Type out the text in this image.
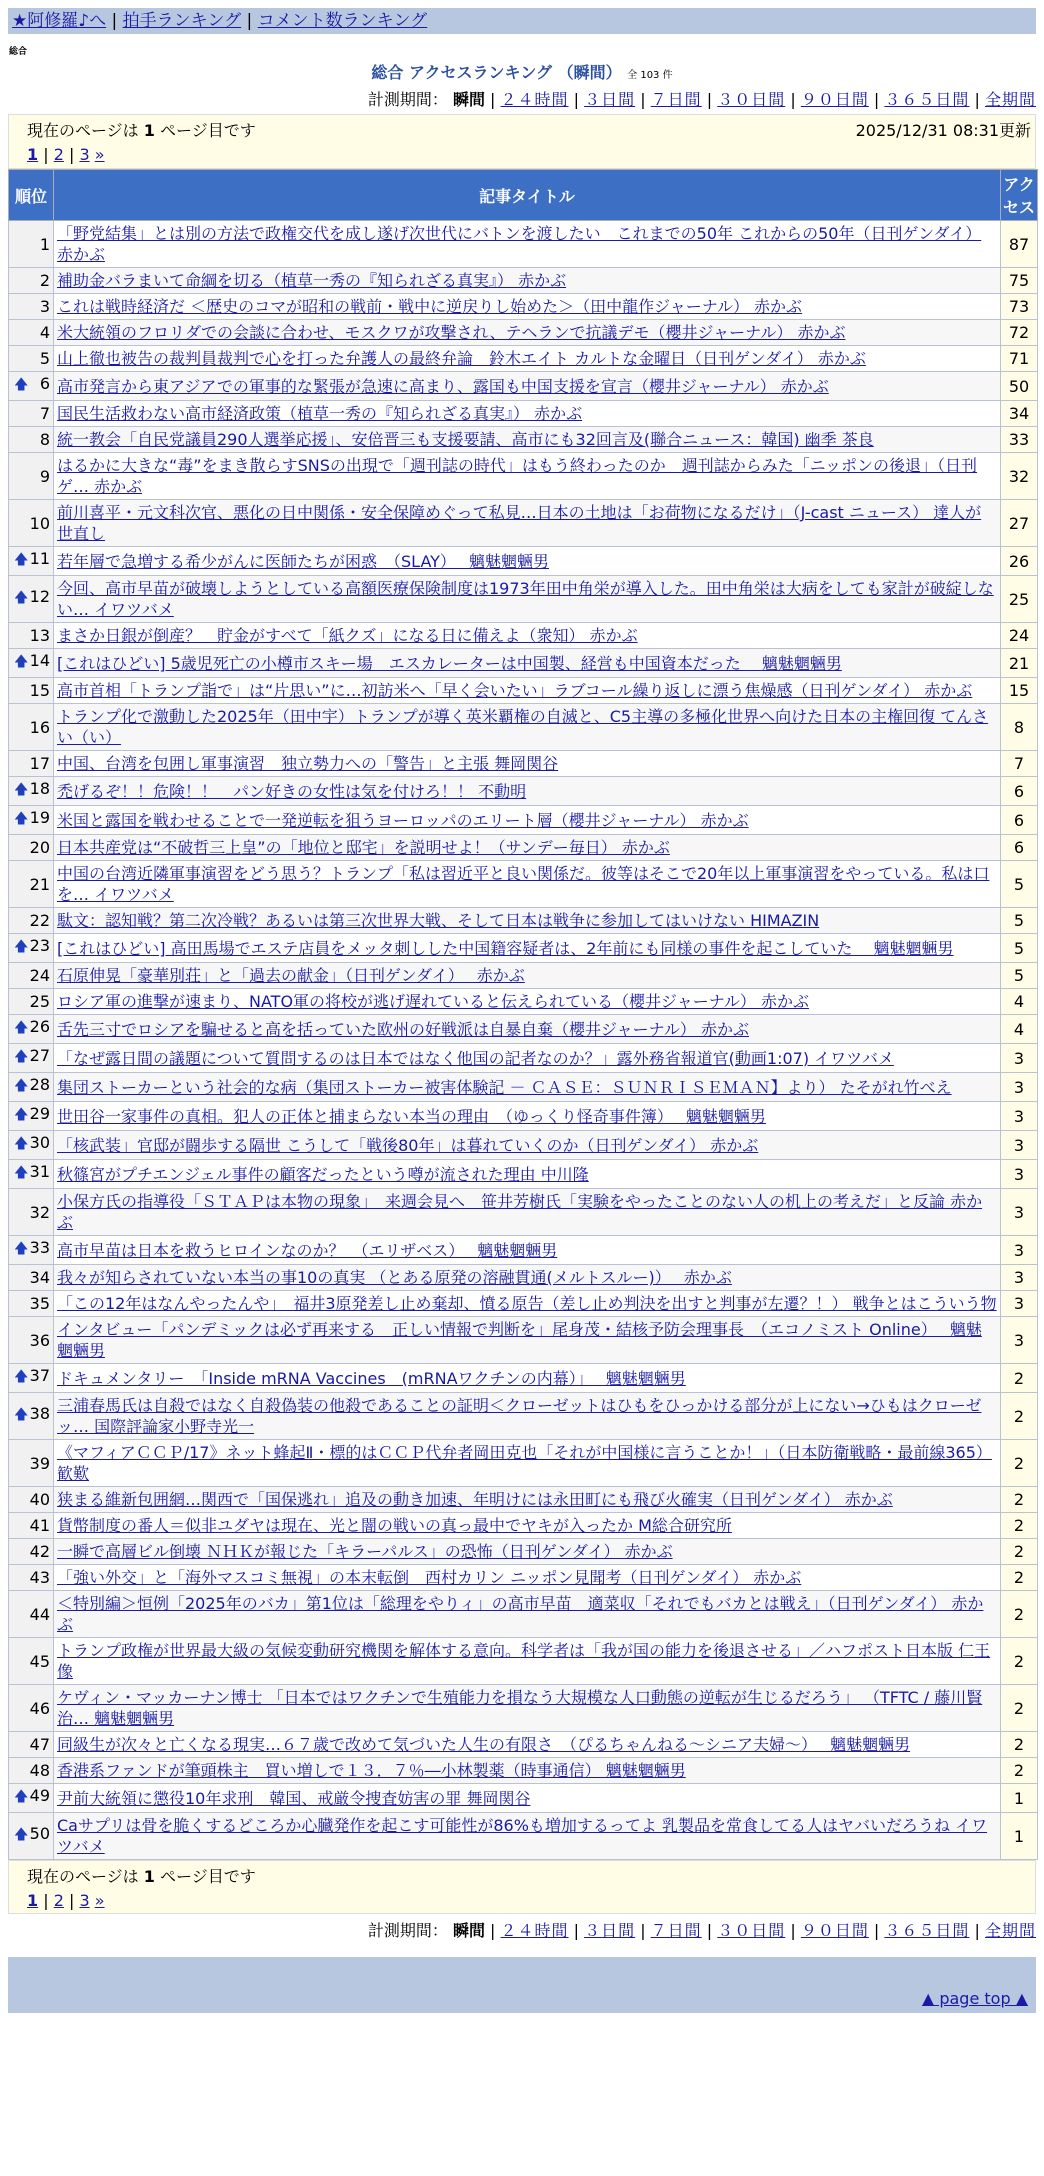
★阿修羅♪へ | 拍手ランキング | コメント数ランキング
総合
総合 アクセスランキング （瞬間） 全 103 件
計測期間： 瞬間 | ２４時間 | ３日間 | ７日間 | ３０日間 | ９０日間 | ３６５日間 | 全期間
現在のページは 1 ページ目です	2025/12/31 08:31更新
1 | 2 | 3 »
順位	記事タイトル	アクセス
1	「野党結集」とは別の方法で政権交代を成し遂げ次世代にバトンを渡したい　これまでの50年 これからの50年（日刊ゲンダイ） 赤かぶ	87
2	補助金バラまいて命綱を切る（植草一秀の『知られざる真実』） 赤かぶ	75
3	これは戦時経済だ ＜歴史のコマが昭和の戦前・戦中に逆戻りし始めた＞（田中龍作ジャーナル） 赤かぶ	73
4	米大統領のフロリダでの会談に合わせ、モスクワが攻撃され、テヘランで抗議デモ（櫻井ジャーナル） 赤かぶ	72
5	山上徹也被告の裁判員裁判で心を打った弁護人の最終弁論　鈴木エイト カルトな金曜日（日刊ゲンダイ） 赤かぶ	71

🡅 6	高市発言から東アジアでの軍事的な緊張が急速に高まり、露国も中国支援を宣言（櫻井ジャーナル） 赤かぶ	50
7	国民生活救わない高市経済政策（植草一秀の『知られざる真実』） 赤かぶ	34
8	統一教会「自民党議員290人選挙応援」、安倍晋三も支援要請、高市にも32回言及(聯合ニュース：韓国) 幽季 茶良	33
9	はるかに大きな“毒”をまき散らすSNSの出現で「週刊誌の時代」はもう終わったのか　週刊誌からみた「ニッポンの後退」（日刊ゲ… 赤かぶ	32
10	前川喜平・元文科次官、悪化の日中関係・安全保障めぐって私見…日本の土地は「お荷物になるだけ」（J-cast ニュース） 達人が世直し	27

🡅 11	若年層で急増する希少がんに医師たちが困惑　（SLAY）　 魑魅魍魎男	26

🡅 12	今回、高市早苗が破壊しようとしている高額医療保険制度は1973年田中角栄が導入した。田中角栄は大病をしても家計が破綻しない… イワツバメ	25
13	まさか日銀が倒産？　貯金がすべて「紙クズ」になる日に備えよ（衆知） 赤かぶ	24

🡅 14	[これはひどい] 5歳児死亡の小樽市スキー場　エスカレーターは中国製、経営も中国資本だった　 魑魅魍魎男	21
15	高市首相「トランプ詣で」は“片思い”に…初訪米へ「早く会いたい」ラブコール繰り返しに漂う焦燥感（日刊ゲンダイ） 赤かぶ	15
16	トランプ化で激動した2025年（田中宇）トランプが導く英米覇権の自滅と、C5主導の多極化世界へ向けた日本の主権回復 てんさい（い）	8
17	中国、台湾を包囲し軍事演習　独立勢力への「警告」と主張 舞岡関谷	7

🡅 18	禿げるぞ！！危険！！　パン好きの女性は気を付けろ！！ 不動明	6

🡅 19	米国と露国を戦わせることで一発逆転を狙うヨーロッパのエリート層（櫻井ジャーナル） 赤かぶ	6
20	日本共産党は“不破哲三上皇”の「地位と邸宅」を説明せよ！（サンデー毎日） 赤かぶ	6
21	中国の台湾近隣軍事演習をどう思う？トランプ「私は習近平と良い関係だ。彼等はそこで20年以上軍事演習をやっている。私は口を… イワツバメ	5
22	駄文：認知戦？第二次冷戦？あるいは第三次世界大戦、そして日本は戦争に参加してはいけない HIMAZIN	5

🡅 23	[これはひどい] 高田馬場でエステ店員をメッタ刺しした中国籍容疑者は、2年前にも同様の事件を起こしていた　 魑魅魍魎男	5
24	石原伸晃「豪華別荘」と「過去の献金」（日刊ゲンダイ）　 赤かぶ	5
25	ロシア軍の進撃が速まり、NATO軍の将校が逃げ遅れていると伝えられている（櫻井ジャーナル） 赤かぶ	4

🡅 26	舌先三寸でロシアを騙せると高を括っていた欧州の好戦派は自暴自棄（櫻井ジャーナル） 赤かぶ	4

🡅 27	「なぜ露日間の議題について質問するのは日本ではなく他国の記者なのか？」露外務省報道官(動画1:07) イワツバメ	3

🡅 28	集団ストーカーという社会的な病（集団ストーカー被害体験記 － ＣＡＳＥ：ＳＵＮＲＩＳＥＭＡＮ】より） たそがれ竹べえ	3

🡅 29	世田谷一家事件の真相。犯人の正体と捕まらない本当の理由　（ゆっくり怪奇事件簿）　 魑魅魍魎男	3

🡅 30	「核武装」官邸が闘歩する隔世 こうして「戦後80年」は暮れていくのか（日刊ゲンダイ） 赤かぶ	3

🡅 31	秋篠宮がプチエンジェル事件の顧客だったという噂が流された理由 中川隆	3
32	小保方氏の指導役「ＳＴＡＰは本物の現象」　来週会見へ　笹井芳樹氏「実験をやったことのない人の机上の考えだ」と反論 赤かぶ	3

🡅 33	高市早苗は日本を救うヒロインなのか？　（エリザベス）　 魑魅魍魎男	3
34	我々が知らされていない本当の事10の真実 （とある原発の溶融貫通(メルトスルー)）　 赤かぶ	3
35	「この12年はなんやったんや」　福井3原発差し止め棄却、憤る原告（差し止め判決を出すと判事が左遷？！） 戦争とはこういう物	3
36	インタビュー「パンデミックは必ず再来する　正しい情報で判断を」尾身茂・結核予防会理事長　（エコノミスト Online）　 魑魅魍魎男	3

🡅 37	ドキュメンタリー　「Inside mRNA Vaccines　(mRNAワクチンの内幕）」　 魑魅魍魎男	2

🡅 38	三浦春馬氏は自殺ではなく自殺偽装の他殺であることの証明＜クローゼットはひもをひっかける部分が上にない→ひもはクローゼッ… 国際評論家小野寺光一	2
39	《マフィアＣＣＰ/17》ネット蜂起Ⅱ・標的はＣＣＰ代弁者岡田克也「それが中国様に言うことか！」（日本防衛戦略・最前線365） 歓歎	2
40	狭まる維新包囲網…関西で「国保逃れ」追及の動き加速、年明けには永田町にも飛び火確実（日刊ゲンダイ） 赤かぶ	2
41	貨幣制度の番人＝似非ユダヤは現在、光と闇の戦いの真っ最中でヤキが入ったか M総合研究所	2
42	一瞬で高層ビル倒壊 ＮＨＫが報じた「キラーパルス」の恐怖（日刊ゲンダイ） 赤かぶ	2
43	「強い外交」と「海外マスコミ無視」の本末転倒　西村カリン ニッポン見聞考（日刊ゲンダイ） 赤かぶ	2
44	＜特別編＞恒例「2025年のバカ」第1位は「総理をやりィ」の高市早苗　適菜収「それでもバカとは戦え」（日刊ゲンダイ） 赤かぶ	2
45	トランプ政権が世界最大級の気候変動研究機関を解体する意向。科学者は「我が国の能力を後退させる」／ハフポスト日本版 仁王像	2
46	ケヴィン・マッカーナン博士 「日本ではワクチンで生殖能力を損なう大規模な人口動態の逆転が生じるだろう」 （TFTC / 藤川賢治… 魑魅魍魎男	2
47	同級生が次々と亡くなる現実…６７歳で改めて気づいた人生の有限さ　（ぴるちゃんねる～シニア夫婦～）　 魑魅魍魎男	2
48	香港系ファンドが筆頭株主　買い増しで１３．７％―小林製薬（時事通信） 魑魅魍魎男	2

🡅 49	尹前大統領に懲役10年求刑　韓国、戒厳令捜査妨害の罪 舞岡関谷	1

🡅 50	Caサプリは骨を脆くするどころか心臓発作を起こす可能性が86%も増加するってよ 乳製品を常食してる人はヤバいだろうね イワツバメ	1
現在のページは 1 ページ目です
1 | 2 | 3 »
計測期間： 瞬間 | ２４時間 | ３日間 | ７日間 | ３０日間 | ９０日間 | ３６５日間 | 全期間
▲ page top ▲
